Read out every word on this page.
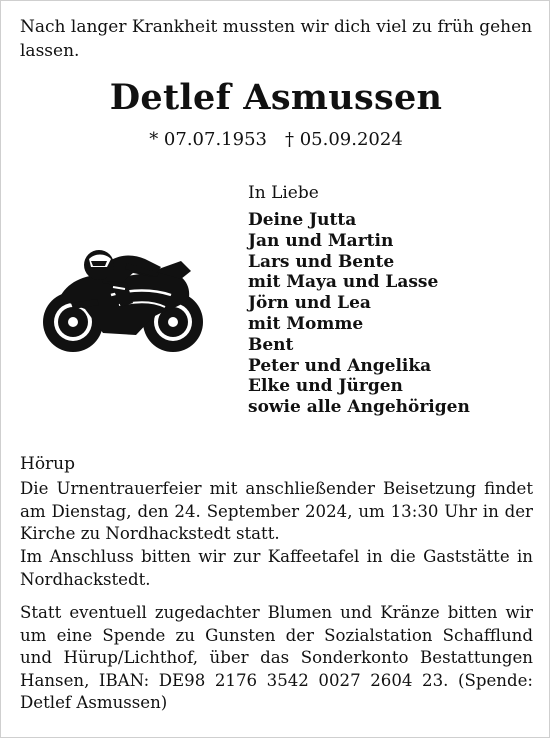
Nach langer Krankheit mussten wir dich viel zu früh gehen lassen.
Detlef Asmussen
* 07.07.1953 † 05.09.2024
In Liebe
Deine Jutta
Jan und Martin
Lars und Bente
mit Maya und Lasse
Jörn und Lea
mit Momme
Bent
Peter und Angelika
Elke und Jürgen
sowie alle Angehörigen
Hörup
Die Urnentrauerfeier mit anschließender Beisetzung findet am Dienstag, den 24. September 2024, um 13:30 Uhr in der Kirche zu Nordhackstedt statt.
Im Anschluss bitten wir zur Kaffeetafel in die Gaststätte in Nordhackstedt.
Statt eventuell zugedachter Blumen und Kränze bitten wir um eine Spende zu Gunsten der Sozialstation Schafflund und Hürup/Lichthof, über das Sonderkonto Bestattungen Hansen, IBAN: DE98 2176 3542 0027 2604 23. (Spende: Detlef Asmussen)
